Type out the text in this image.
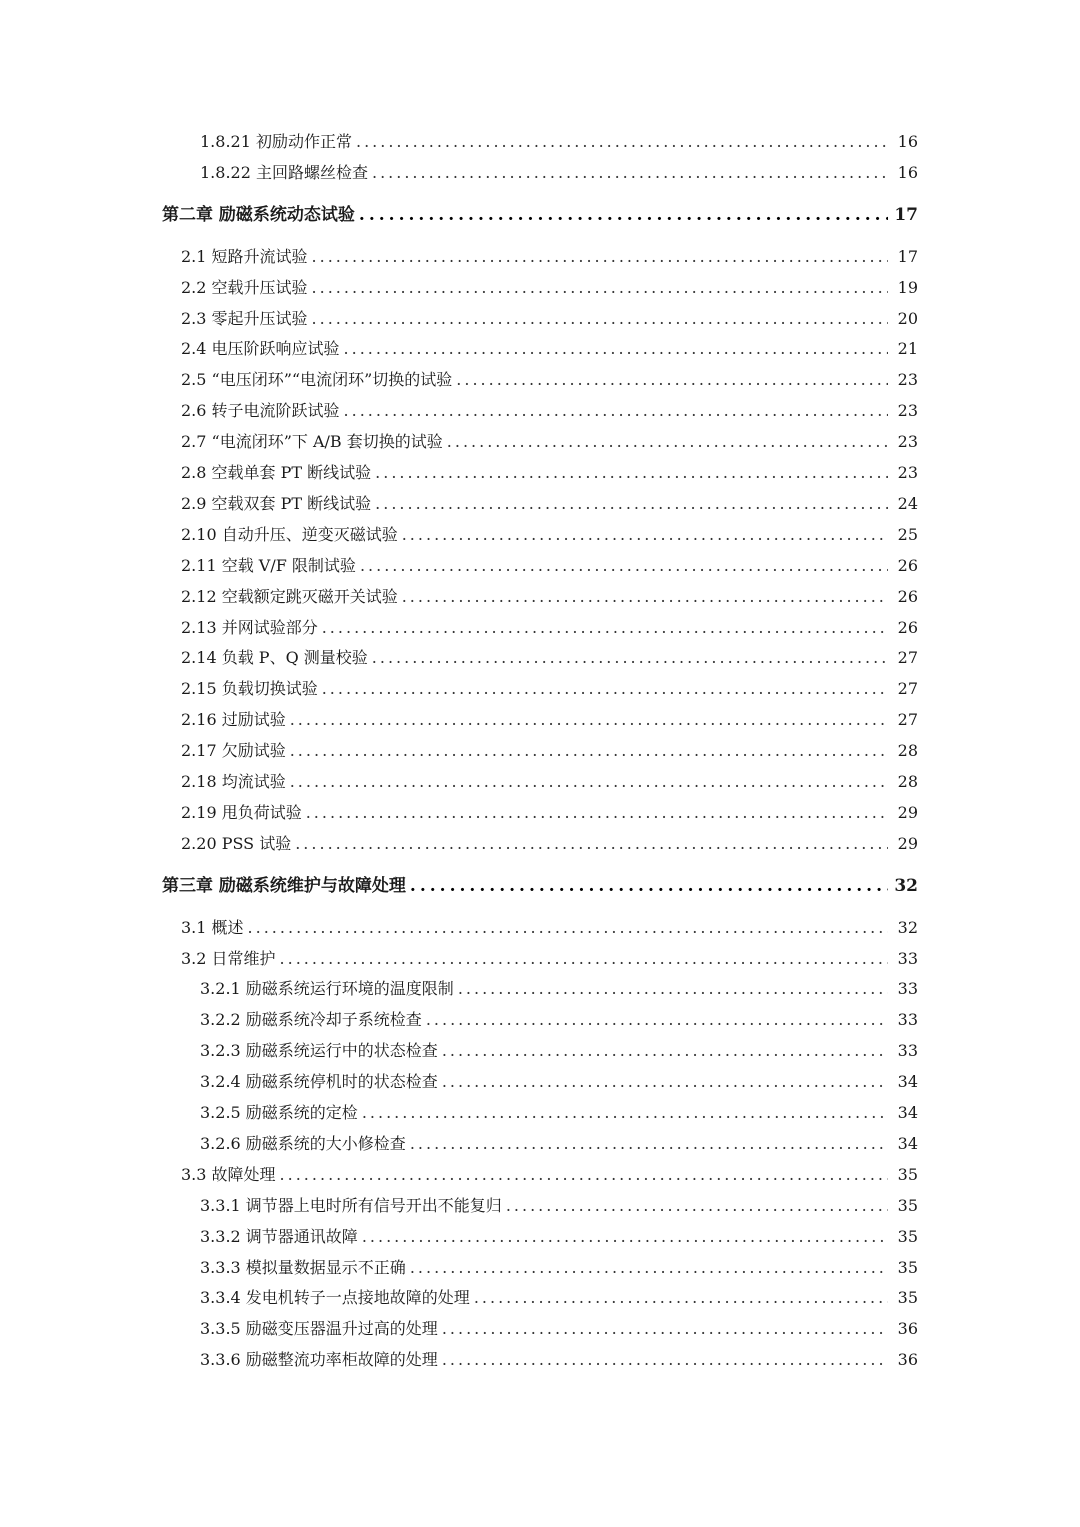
1.8.21 初励动作正常 .....	16
1.8.22 主回路螺丝检查 .....	16
第二章 励磁系统动态试验 .....	17
2.1 短路升流试验 .....	17
2.2 空载升压试验 .....	19
2.3 零起升压试验 .....	20
2.4 电压阶跃响应试验 .....	21
2.5 “电压闭环”“电流闭环”切换的试验 .....	23
2.6 转子电流阶跃试验 .....	23
2.7 “电流闭环”下 A/B 套切换的试验 .....	23
2.8 空载单套 PT 断线试验 .....	23
2.9 空载双套 PT 断线试验 .....	24
2.10 自动升压、逆变灭磁试验 .....	25
2.11 空载 V/F 限制试验 .....	26
2.12 空载额定跳灭磁开关试验 .....	26
2.13 并网试验部分 .....	26
2.14 负载 P、Q 测量校验 .....	27
2.15 负载切换试验 .....	27
2.16 过励试验 .....	27
2.17 欠励试验 .....	28
2.18 均流试验 .....	28
2.19 甩负荷试验 .....	29
2.20 PSS 试验 .....	29
第三章 励磁系统维护与故障处理 .....	32
3.1 概述 .....	32
3.2 日常维护 .....	33
3.2.1 励磁系统运行环境的温度限制 .....	33
3.2.2 励磁系统冷却子系统检查 .....	33
3.2.3 励磁系统运行中的状态检查 .....	33
3.2.4 励磁系统停机时的状态检查 .....	34
3.2.5 励磁系统的定检 .....	34
3.2.6 励磁系统的大小修检查 .....	34
3.3 故障处理 .....	35
3.3.1 调节器上电时所有信号开出不能复归 .....	35
3.3.2 调节器通讯故障 .....	35
3.3.3 模拟量数据显示不正确 .....	35
3.3.4 发电机转子一点接地故障的处理 .....	35
3.3.5 励磁变压器温升过高的处理 .....	36
3.3.6 励磁整流功率柜故障的处理 .....	36
